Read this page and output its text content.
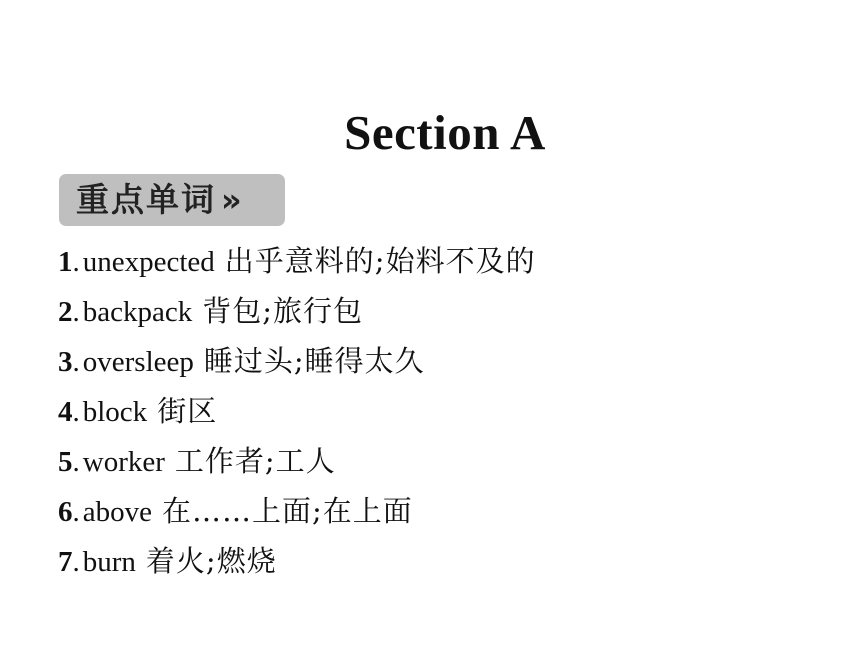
Section A
重点单词 »
1. unexpected 出乎意料的;始料不及的
2. backpack 背包;旅行包
3. oversleep 睡过头;睡得太久
4. block 街区
5. worker 工作者;工人
6. above 在……上面;在上面
7. burn 着火;燃烧
